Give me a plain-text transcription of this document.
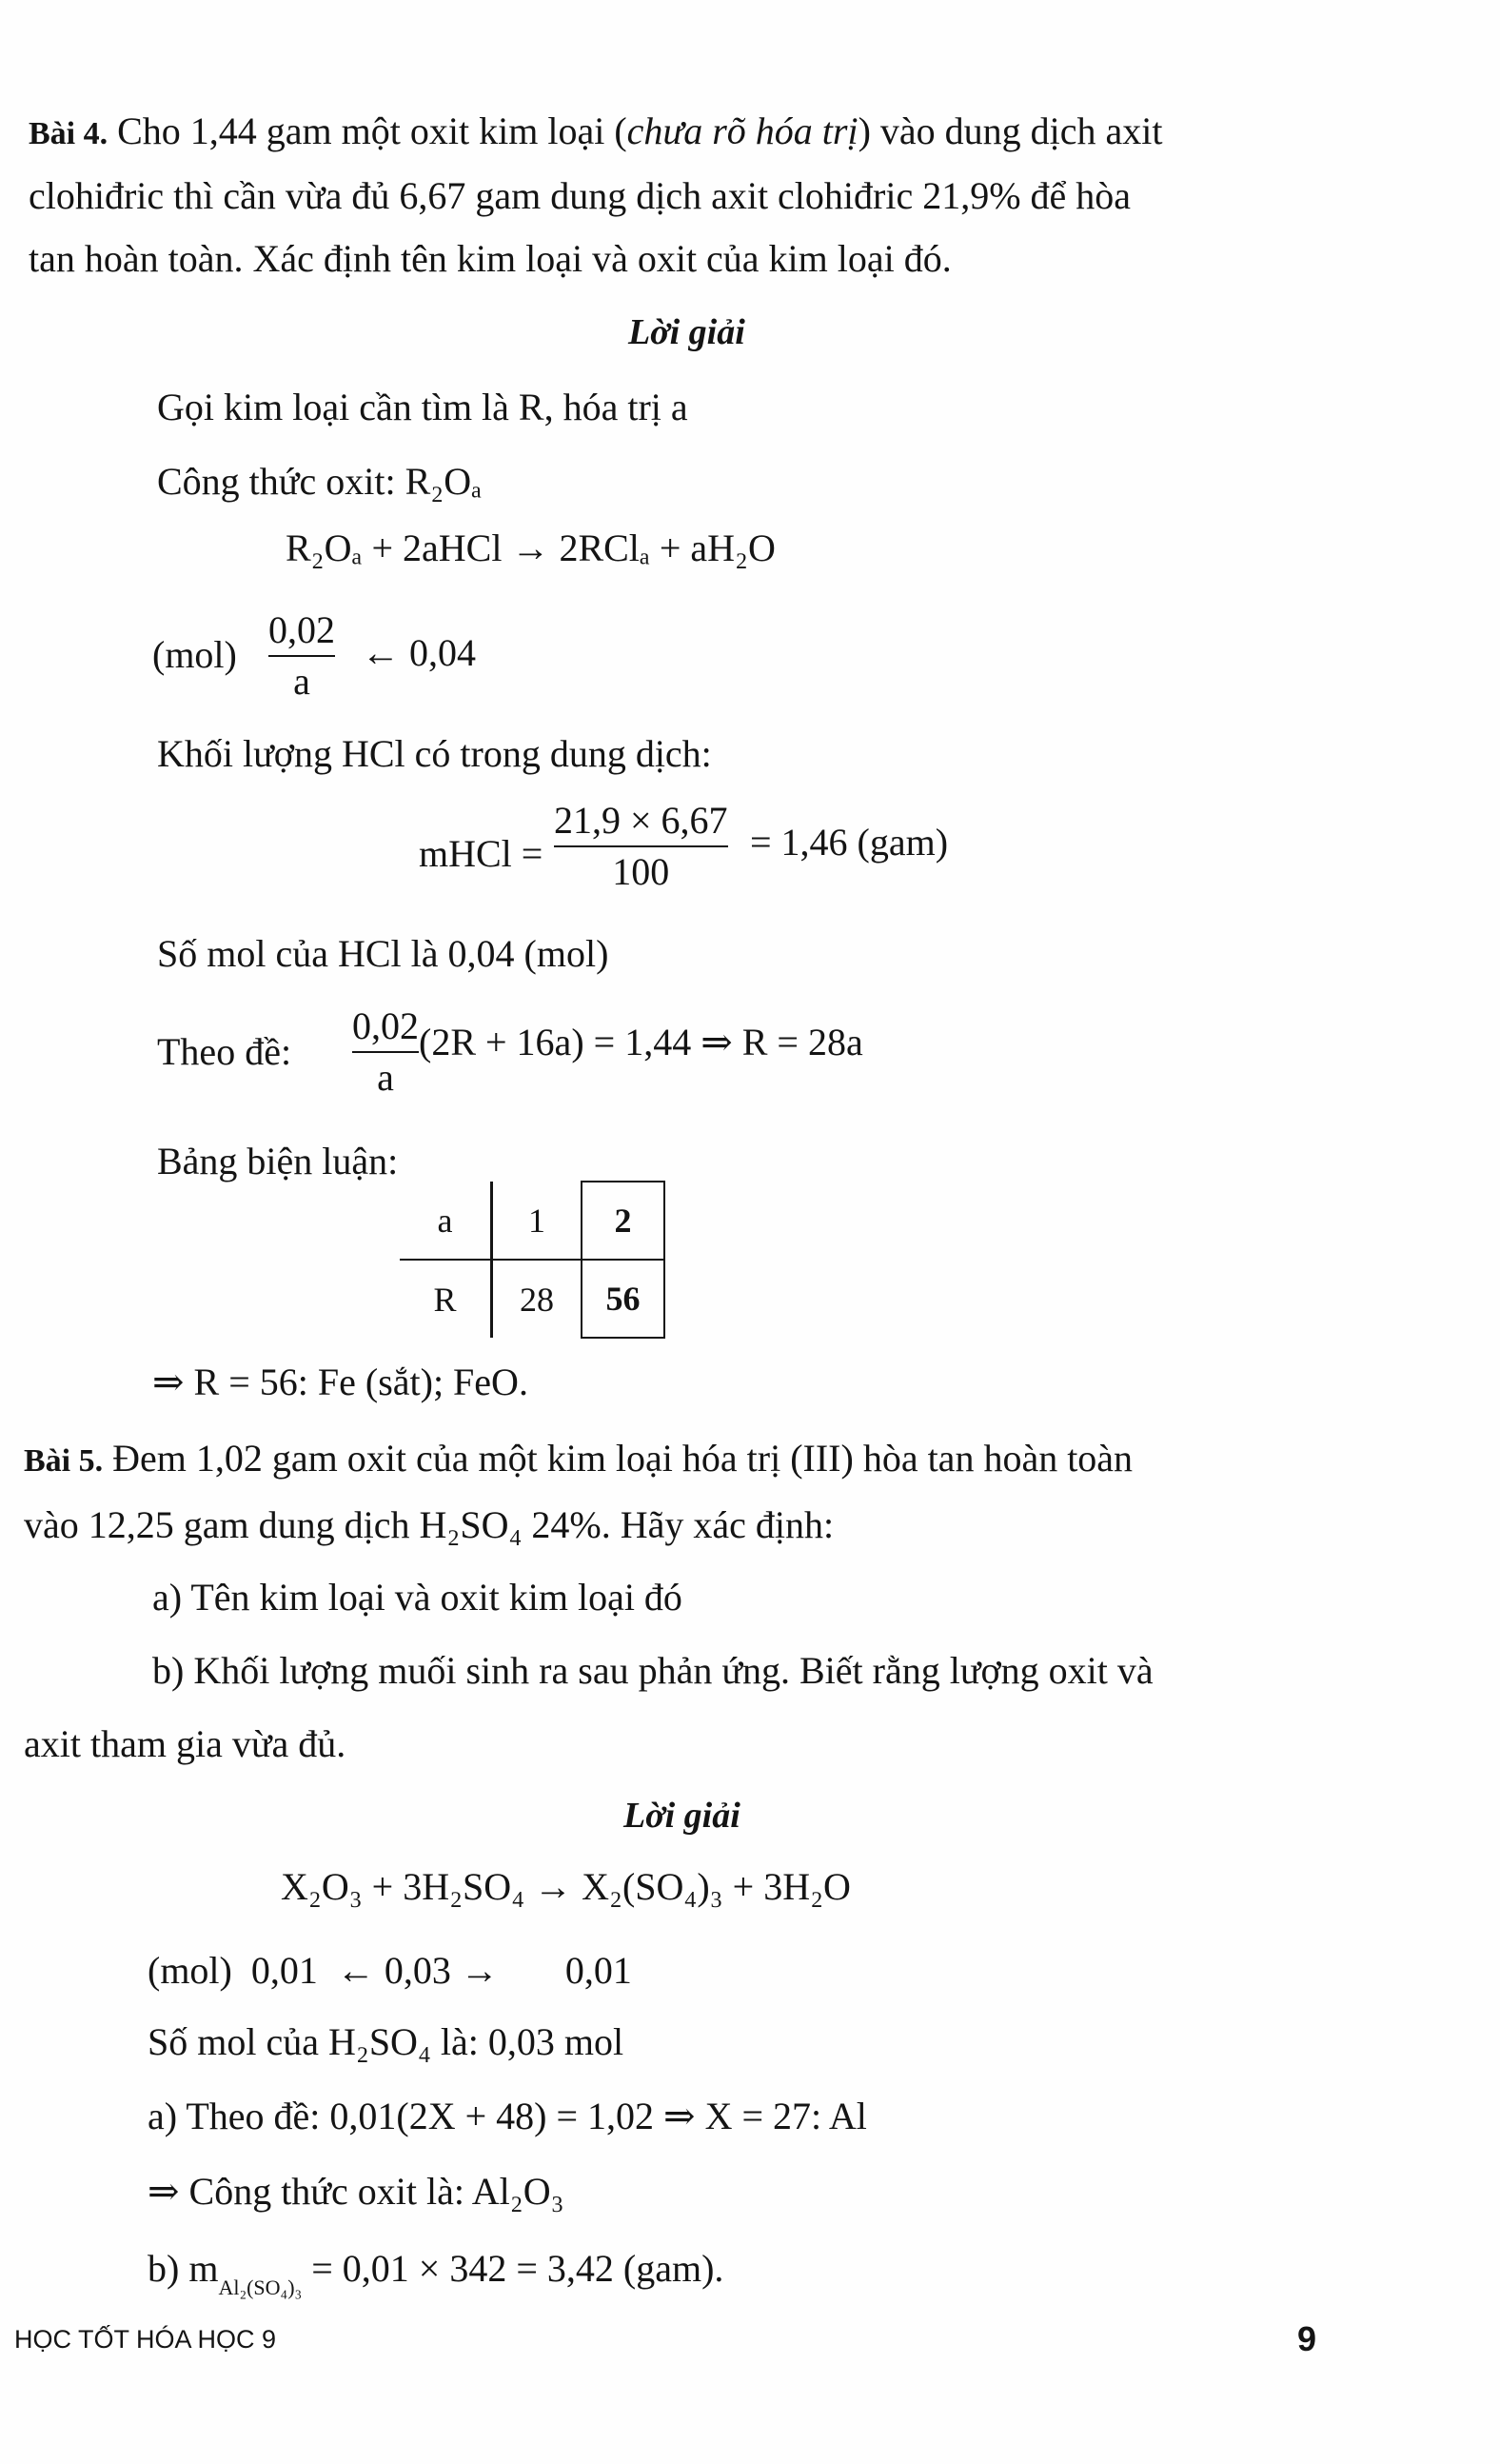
Bài 4. Cho 1,44 gam một oxit kim loại (chưa rõ hóa trị) vào dung dịch axit
clohiđric thì cần vừa đủ 6,67 gam dung dịch axit clohiđric 21,9% để hòa
tan hoàn toàn. Xác định tên kim loại và oxit của kim loại đó.
Lời giải
Gọi kim loại cần tìm là R, hóa trị a
Công thức oxit: R₂Oₐ
R₂Oₐ + 2aHCl → 2RClₐ + aH₂O
(mol)
0,02
a
← 0,04
Khối lượng HCl có trong dung dịch:
mHCl =
21,9 × 6,67
100
= 1,46 (gam)
Số mol của HCl là 0,04 (mol)
Theo đề:
0,02
a
(2R + 16a) = 1,44 ⇒ R = 28a
Bảng biện luận:
a	1	2
R	28	56
⇒ R = 56: Fe (sắt); FeO.
Bài 5. Đem 1,02 gam oxit của một kim loại hóa trị (III) hòa tan hoàn toàn
vào 12,25 gam dung dịch H₂SO₄ 24%. Hãy xác định:
a) Tên kim loại và oxit kim loại đó
b) Khối lượng muối sinh ra sau phản ứng. Biết rằng lượng oxit và
axit tham gia vừa đủ.
Lời giải
X₂O₃ + 3H₂SO₄ → X₂(SO₄)₃ + 3H₂O
(mol)  0,01  ← 0,03 →       0,01
Số mol của H₂SO₄ là: 0,03 mol
a) Theo đề: 0,01(2X + 48) = 1,02 ⇒ X = 27: Al
⇒ Công thức oxit là: Al₂O₃
b) $m_{Al_2(SO_4)_3} = 0,01 \times 342 = 3,42$ (gam).
HỌC TỐT HÓA HỌC 9	9
